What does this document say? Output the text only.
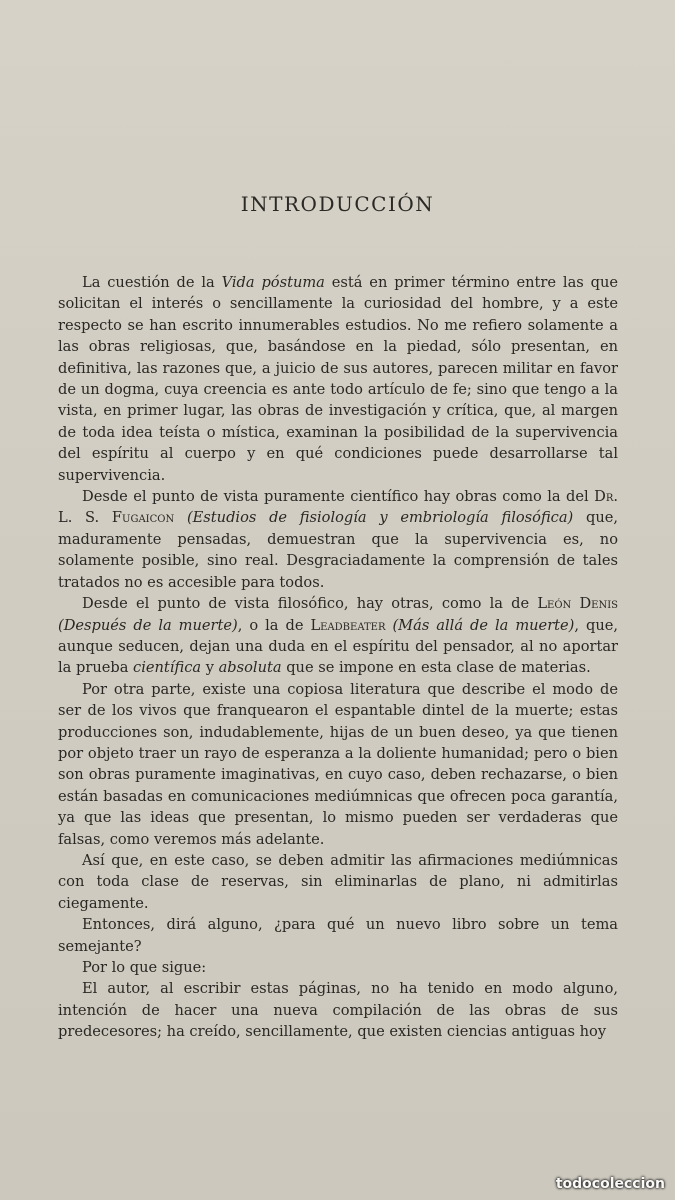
INTRODUCCIÓN

La cuestión de la Vida póstuma está en primer término entre las que solicitan el interés o sencillamente la curiosidad del hombre, y a este respecto se han escrito innumerables estudios. No me refiero solamente a las obras religiosas, que, basándose en la piedad, sólo presentan, en definitiva, las razones que, a juicio de sus autores, parecen militar en favor de un dogma, cuya creencia es ante todo artículo de fe; sino que tengo a la vista, en primer lugar, las obras de investigación y crítica, que, al margen de toda idea teísta o mística, examinan la posibilidad de la supervivencia del espíritu al cuerpo y en qué condiciones puede desarrollarse tal supervivencia.

Desde el punto de vista puramente científico hay obras como la del Dr. L. S. Fugaicon (Estudios de fisiología y embriología filosófica) que, maduramente pensadas, demuestran que la supervivencia es, no solamente posible, sino real. Desgraciadamente la comprensión de tales tratados no es accesible para todos.

Desde el punto de vista filosófico, hay otras, como la de León Denis (Después de la muerte), o la de Leadbeater (Más allá de la muerte), que, aunque seducen, dejan una duda en el espíritu del pensador, al no aportar la prueba científica y absoluta que se impone en esta clase de materias.

Por otra parte, existe una copiosa literatura que describe el modo de ser de los vivos que franquearon el espantable dintel de la muerte; estas producciones son, indudablemente, hijas de un buen deseo, ya que tienen por objeto traer un rayo de esperanza a la doliente humanidad; pero o bien son obras puramente imaginativas, en cuyo caso, deben rechazarse, o bien están basadas en comunicaciones mediúmnicas que ofrecen poca garantía, ya que las ideas que presentan, lo mismo pueden ser verdaderas que falsas, como veremos más adelante.

Así que, en este caso, se deben admitir las afirmaciones mediúmnicas con toda clase de reservas, sin eliminarlas de plano, ni admitirlas ciegamente.

Entonces, dirá alguno, ¿para qué un nuevo libro sobre un tema semejante?

Por lo que sigue:

El autor, al escribir estas páginas, no ha tenido en modo alguno, intención de hacer una nueva compilación de las obras de sus predecesores; ha creído, sencillamente, que existen ciencias antiguas hoy

todocoleccion
